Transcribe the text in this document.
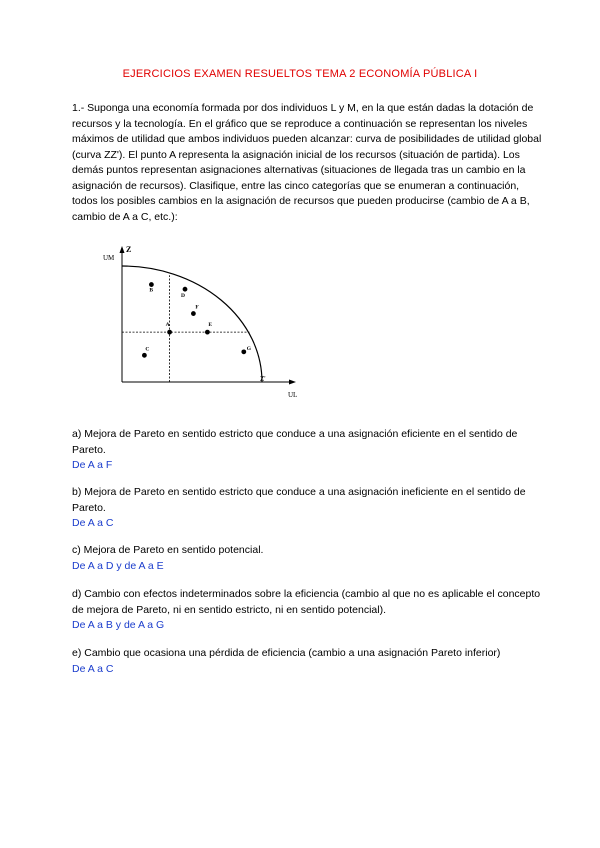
EJERCICIOS EXAMEN RESUELTOS TEMA 2 ECONOMÍA PÚBLICA I

1.- Suponga una economía formada por dos individuos L y M, en la que están dadas la dotación de recursos y la tecnología. En el gráfico que se reproduce a continuación se representan los niveles máximos de utilidad que ambos individuos pueden alcanzar: curva de posibilidades de utilidad global (curva ZZ'). El punto A representa la asignación inicial de los recursos (situación de partida). Los demás puntos representan asignaciones alternativas (situaciones de llegada tras un cambio en la asignación de recursos). Clasifique, entre las cinco categorías que se enumeran a continuación, todos los posibles cambios en la asignación de recursos que pueden producirse (cambio de A a B, cambio de A a C, etc.):

UM
Z
Z'
UL
A
B
C
D
E
F
G

a) Mejora de Pareto en sentido estricto que conduce a una asignación eficiente en el sentido de Pareto.

De A a F

b) Mejora de Pareto en sentido estricto que conduce a una asignación ineficiente en el sentido de Pareto.

De A a C

c) Mejora de Pareto en sentido potencial.

De A a D y de A a E

d) Cambio con efectos indeterminados sobre la eficiencia (cambio al que no es aplicable el concepto de mejora de Pareto, ni en sentido estricto, ni en sentido potencial).

De A a B y de A a G

e) Cambio que ocasiona una pérdida de eficiencia (cambio a una asignación Pareto inferior)

De A a C
